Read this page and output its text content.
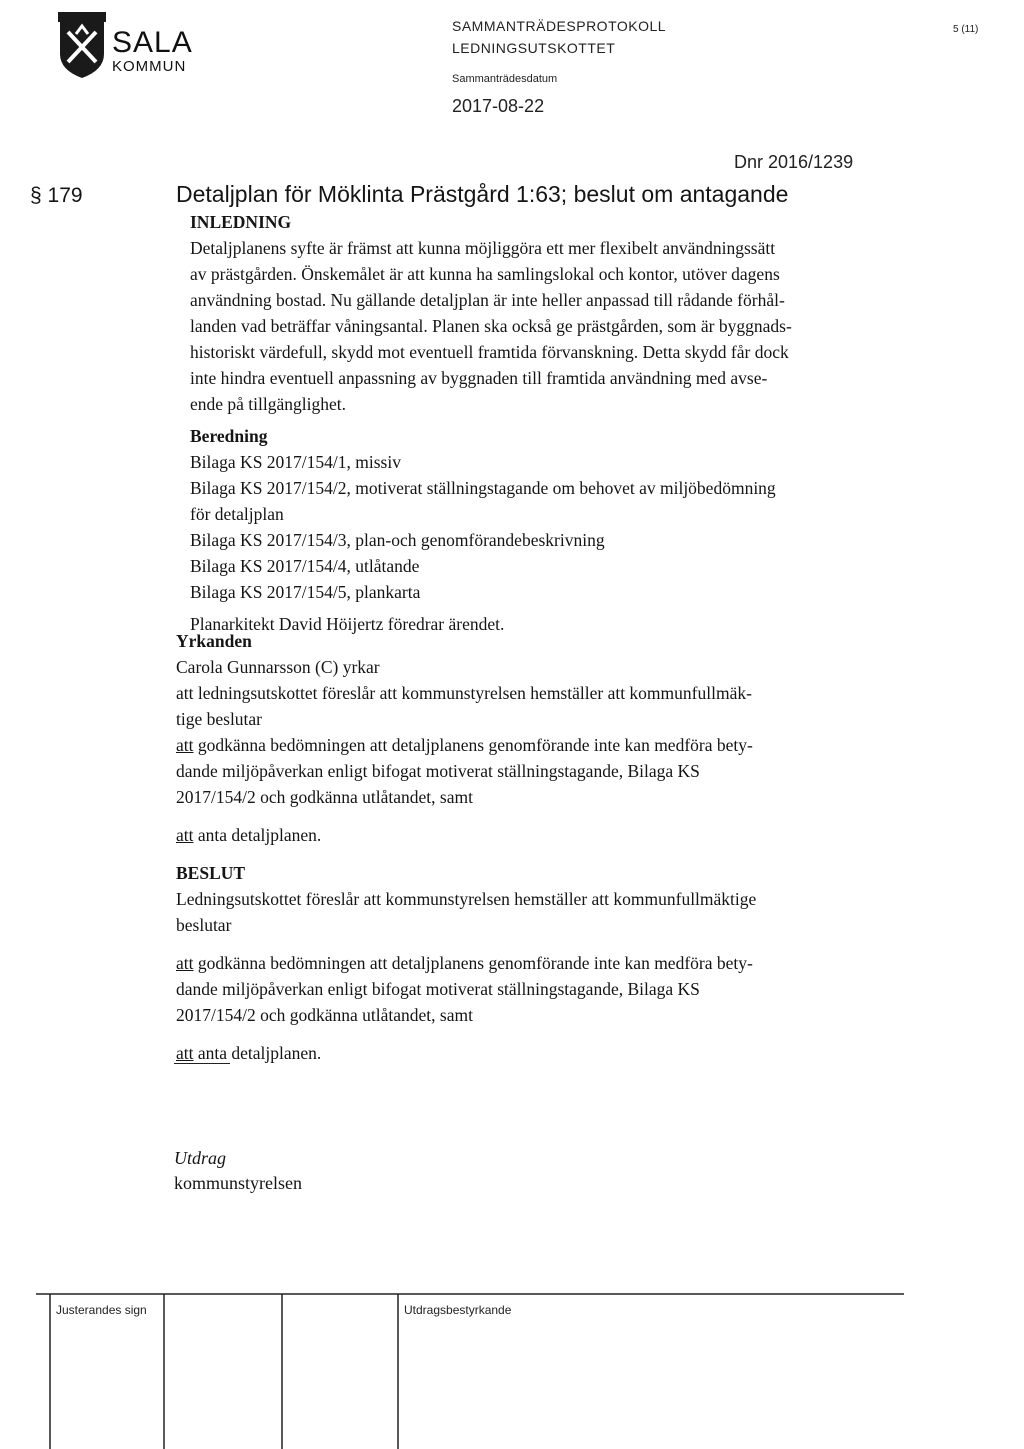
SALA
KOMMUN
SAMMANTRÄDESPROTOKOLL
LEDNINGSUTSKOTTET
Sammanträdesdatum
2017-08-22
5 (11)
Dnr 2016/1239
§ 179	Detaljplan för Möklinta Prästgård 1:63; beslut om antagande

INLEDNING

Detaljplanens syfte är främst att kunna möjliggöra ett mer flexibelt användningssätt

av prästgården. Önskemålet är att kunna ha samlingslokal och kontor, utöver dagens

användning bostad. Nu gällande detaljplan är inte heller anpassad till rådande förhål-

landen vad beträffar våningsantal. Planen ska också ge prästgården, som är byggnads-

historiskt värdefull, skydd mot eventuell framtida förvanskning. Detta skydd får dock

inte hindra eventuell anpassning av byggnaden till framtida användning med avse-

ende på tillgänglighet.

Beredning

Bilaga KS 2017/154/1, missiv

Bilaga KS 2017/154/2, motiverat ställningstagande om behovet av miljöbedömning

för detaljplan

Bilaga KS 2017/154/3, plan-och genomförandebeskrivning

Bilaga KS 2017/154/4, utlåtande

Bilaga KS 2017/154/5, plankarta

Planarkitekt David Höijertz föredrar ärendet.

Yrkanden

Carola Gunnarsson (C) yrkar

att ledningsutskottet föreslår att kommunstyrelsen hemställer att kommunfullmäk-

tige beslutar

att godkänna bedömningen att detaljplanens genomförande inte kan medföra bety-

dande miljöpåverkan enligt bifogat motiverat ställningstagande, Bilaga KS

2017/154/2 och godkänna utlåtandet, samt

att anta detaljplanen.

BESLUT

Ledningsutskottet föreslår att kommunstyrelsen hemställer att kommunfullmäktige

beslutar

att godkänna bedömningen att detaljplanens genomförande inte kan medföra bety-

dande miljöpåverkan enligt bifogat motiverat ställningstagande, Bilaga KS

2017/154/2 och godkänna utlåtandet, samt

att anta detaljplanen.

Utdrag
kommunstyrelsen
Justerandes sign	Utdragsbestyrkande
